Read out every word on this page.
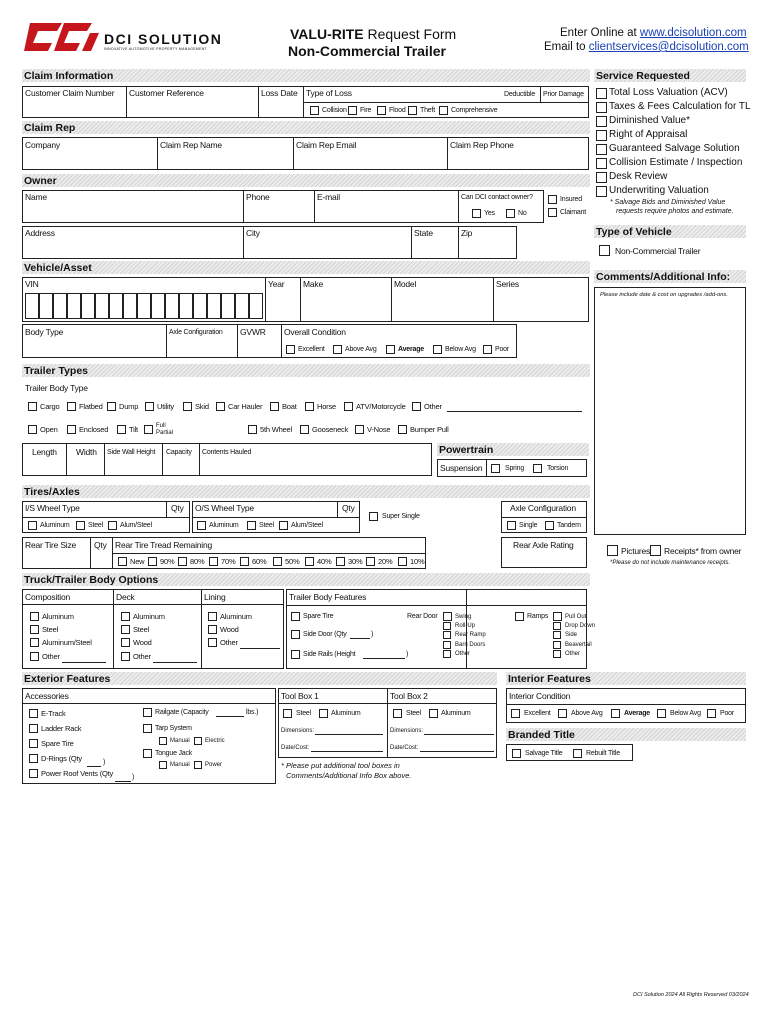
DCI SOLUTION
INNOVATIVE AUTOMOTIVE PROPERTY MANAGEMENT
VALU-RITE Request Form
Non-Commercial Trailer
Enter Online at www.dcisolution.com
Email to clientservices@dcisolution.com
Claim Information
Customer Claim Number Customer Reference	Loss Date Type of Loss	Deductible Prior Damage
Collision Fire	Flood Theft Comprehensive
Claim Rep
Company	Claim Rep Name	Claim Rep Email	Claim Rep Phone
Owner
Name	Phone	E-mail	Can DCI contact owner?
Yes	No
Insured
Claimant
Address	City	State	Zip
Service Requested
Total Loss Valuation (ACV)
Taxes & Fees Calculation for TL
Diminished Value*
Right of Appraisal
Guaranteed Salvage Solution
Collision Estimate / Inspection
Desk Review
Underwriting Valuation
* Salvage Bids and Diminished Value
requests require photos and estimate.
Type of Vehicle
Non-Commercial Trailer
Comments/Additional Info:
Please include date & cost on upgrades /add-ons.
Vehicle/Asset
VIN	Year Make	Model	Series
Body Type	Axle Configuration GVWR Overall Condition
Excellent	Above Avg	Average	Below Avg	Poor
Trailer Types
Trailer Body Type
Cargo	Flatbed Dump	Utility	Skid	Car Hauler	Boat	Horse	ATV/Motorcycle Other
Open	Enclosed	Tilt	5th Wheel	Gooseneck	V-Nose	Bumper Pull
Full
Partial
Length Width Side Wall Height Capacity Contents Hauled	Powertrain
Suspension	Spring	Torsion
Tires/Axles
I/S Wheel Type	Qty
Aluminum	Steel Alum/Steel
O/S Wheel Type	Qty
Aluminum	Steel Alum/Steel
Super Single
Axle Configuration
Single	Tandem
Rear Tire Size Qty Rear Tire Tread Remaining
New 90% 80% 70% 60% 50% 40% 30% 20% 10%
Rear Axle Rating
Pictures Receipts* from owner
*Please do not include maintenance receipts.
Truck/Trailer Body Options
Composition	Deck	Lining
Aluminum
Steel
Aluminum/Steel
Other
Aluminum
Steel
Wood
Other
Aluminum
Wood
Other
Trailer Body Features
Spare Tire
Side Door (Qty	)
Side Rails (Height	)
Rear Door	Swing
Roll-Up
Rear Ramp
Barn Doors
Other
Ramps	Pull Out
Drop Down
Side
Beavertail
Other
Exterior Features
Accessories
E-Track
Ladder Rack
Spare Tire
D-Rings (Qty
Power Roof Vents (Qty
)
)
Railgate (Capacity	lbs.)
Tarp System
Manual	Electric
Tongue Jack
Manual	Power
Tool Box 1	Tool Box 2
Steel	Aluminum	Steel	Aluminum
Dimensions:	Dimensions:
Date/Cost:	Date/Cost:
* Please put additional tool boxes in
Comments/Additional Info Box above.
Interior Features
Interior Condition
Excellent	Above Avg	Average	Below Avg	Poor
Branded Title
Salvage Title	Rebuilt Title
DCI Solution 2024 All Rights Reserved 03/2024
